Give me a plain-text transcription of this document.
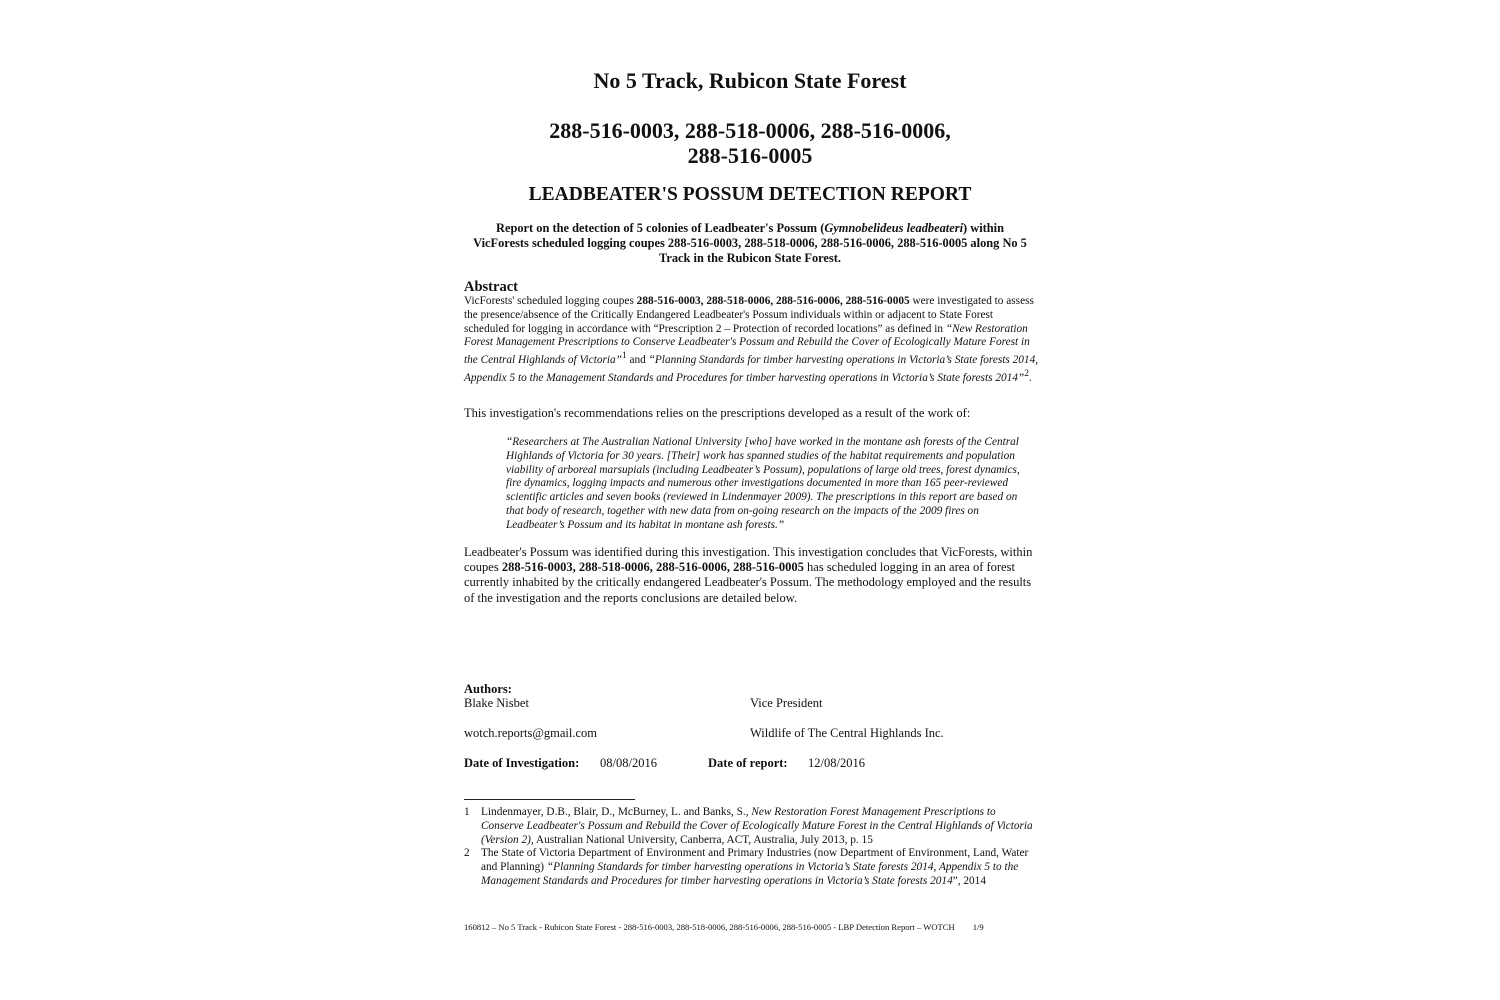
No 5 Track, Rubicon State Forest
288-516-0003, 288-518-0006, 288-516-0006,
288-516-0005
LEADBEATER'S POSSUM DETECTION REPORT

Report on the detection of 5 colonies of Leadbeater's Possum (Gymnobelideus leadbeateri) within VicForests scheduled logging coupes 288-516-0003, 288-518-0006, 288-516-0006, 288-516-0005 along No 5 Track in the Rubicon State Forest.

Abstract

VicForests' scheduled logging coupes 288-516-0003, 288-518-0006, 288-516-0006, 288-516-0005 were investigated to assess the presence/absence of the Critically Endangered Leadbeater's Possum individuals within or adjacent to State Forest scheduled for logging in accordance with “Prescription 2 – Protection of recorded locations” as defined in “New Restoration Forest Management Prescriptions to Conserve Leadbeater's Possum and Rebuild the Cover of Ecologically Mature Forest in the Central Highlands of Victoria”$^1$ and “Planning Standards for timber harvesting operations in Victoria’s State forests 2014, Appendix 5 to the Management Standards and Procedures for timber harvesting operations in Victoria’s State forests 2014”$^2$.

This investigation's recommendations relies on the prescriptions developed as a result of the work of:

“Researchers at The Australian National University [who] have worked in the montane ash forests of the Central Highlands of Victoria for 30 years. [Their] work has spanned studies of the habitat requirements and population viability of arboreal marsupials (including Leadbeater’s Possum), populations of large old trees, forest dynamics, fire dynamics, logging impacts and numerous other investigations documented in more than 165 peer-reviewed scientific articles and seven books (reviewed in Lindenmayer 2009). The prescriptions in this report are based on that body of research, together with new data from on-going research on the impacts of the 2009 fires on Leadbeater’s Possum and its habitat in montane ash forests.”

Leadbeater's Possum was identified during this investigation. This investigation concludes that VicForests, within coupes 288-516-0003, 288-518-0006, 288-516-0006, 288-516-0005 has scheduled logging in an area of forest currently inhabited by the critically endangered Leadbeater's Possum. The methodology employed and the results of the investigation and the reports conclusions are detailed below.

Authors:
Blake Nisbet	Vice President
wotch.reports@gmail.com	Wildlife of The Central Highlands Inc.
Date of Investigation: 08/08/2016	Date of report: 12/08/2016
1 Lindenmayer, D.B., Blair, D., McBurney, L. and Banks, S., New Restoration Forest Management Prescriptions to Conserve Leadbeater's Possum and Rebuild the Cover of Ecologically Mature Forest in the Central Highlands of Victoria (Version 2), Australian National University, Canberra, ACT, Australia, July 2013, p. 15
2 The State of Victoria Department of Environment and Primary Industries (now Department of Environment, Land, Water and Planning) “Planning Standards for timber harvesting operations in Victoria’s State forests 2014, Appendix 5 to the Management Standards and Procedures for timber harvesting operations in Victoria’s State forests 2014”, 2014
160812 – No 5 Track - Rubicon State Forest - 288-516-0003, 288-518-0006, 288-516-0006, 288-516-0005 - LBP Detection Report – WOTCH 1/9
